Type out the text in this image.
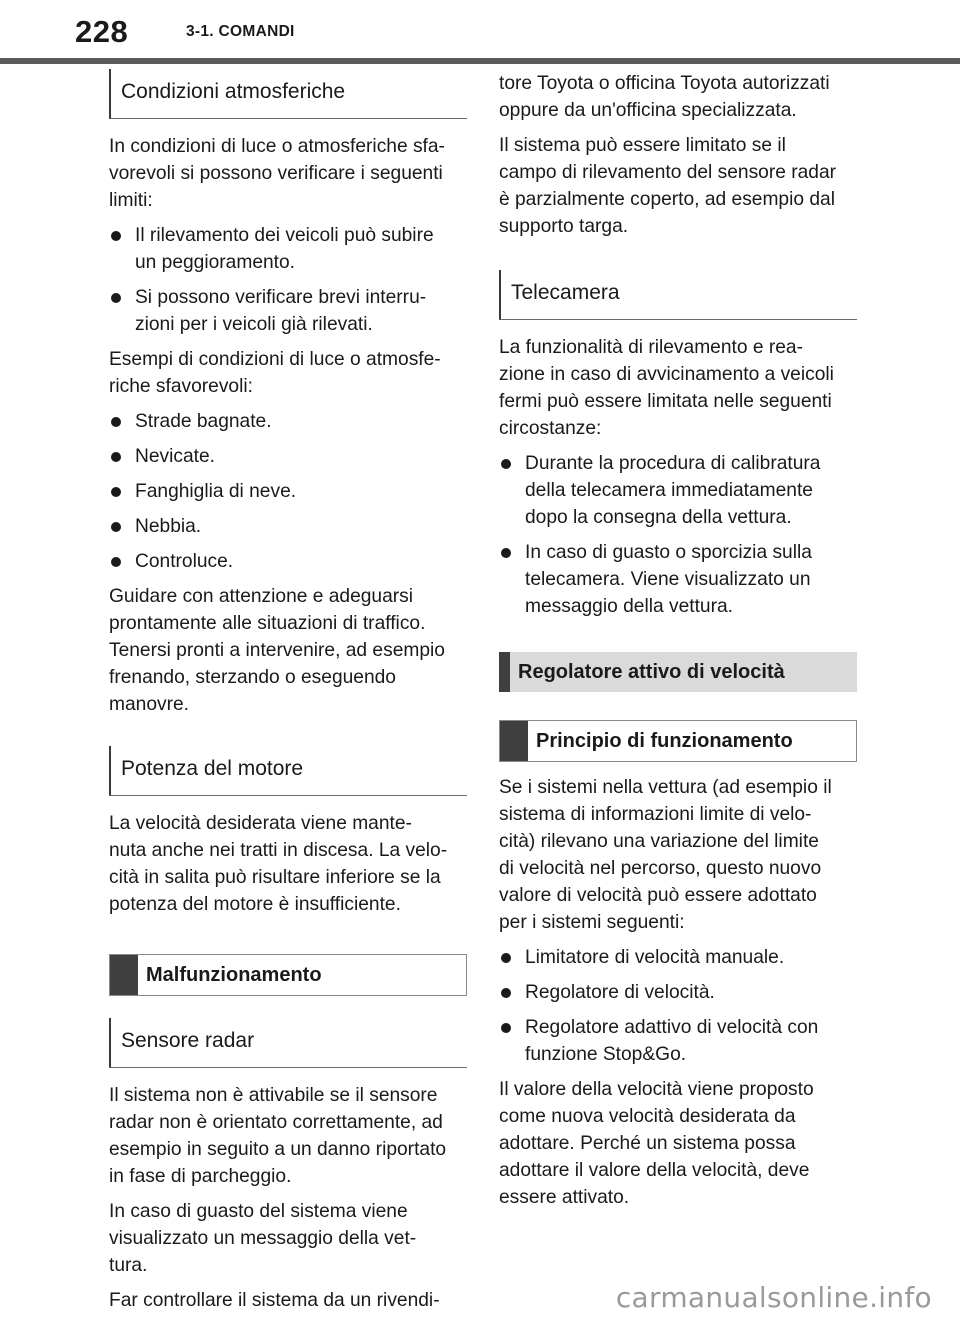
228	3-1. COMANDI
Condizioni atmosferiche

In condizioni di luce o atmosferiche sfa-
vorevoli si possono verificare i seguenti
limiti:

Il rilevamento dei veicoli può subire
un peggioramento.
Si possono verificare brevi interru-
zioni per i veicoli già rilevati.

Esempi di condizioni di luce o atmosfe-
riche sfavorevoli:

Strade bagnate.
Nevicate.
Fanghiglia di neve.
Nebbia.
Controluce.

Guidare con attenzione e adeguarsi
prontamente alle situazioni di traffico.
Tenersi pronti a intervenire, ad esempio
frenando, sterzando o eseguendo
manovre.

Potenza del motore

La velocità desiderata viene mante-
nuta anche nei tratti in discesa. La velo-
cità in salita può risultare inferiore se la
potenza del motore è insufficiente.

Malfunzionamento
Sensore radar

Il sistema non è attivabile se il sensore
radar non è orientato correttamente, ad
esempio in seguito a un danno riportato
in fase di parcheggio.

In caso di guasto del sistema viene
visualizzato un messaggio della vet-
tura.

Far controllare il sistema da un rivendi-

tore Toyota o officina Toyota autorizzati
oppure da un'officina specializzata.

Il sistema può essere limitato se il
campo di rilevamento del sensore radar
è parzialmente coperto, ad esempio dal
supporto targa.

Telecamera

La funzionalità di rilevamento e rea-
zione in caso di avvicinamento a veicoli
fermi può essere limitata nelle seguenti
circostanze:

Durante la procedura di calibratura
della telecamera immediatamente
dopo la consegna della vettura.
In caso di guasto o sporcizia sulla
telecamera. Viene visualizzato un
messaggio della vettura.
Regolatore attivo di velocità
Principio di funzionamento

Se i sistemi nella vettura (ad esempio il
sistema di informazioni limite di velo-
cità) rilevano una variazione del limite
di velocità nel percorso, questo nuovo
valore di velocità può essere adottato
per i sistemi seguenti:

Limitatore di velocità manuale.
Regolatore di velocità.
Regolatore adattivo di velocità con
funzione Stop&Go.

Il valore della velocità viene proposto
come nuova velocità desiderata da
adottare. Perché un sistema possa
adottare il valore della velocità, deve
essere attivato.

carmanualsonline.info
